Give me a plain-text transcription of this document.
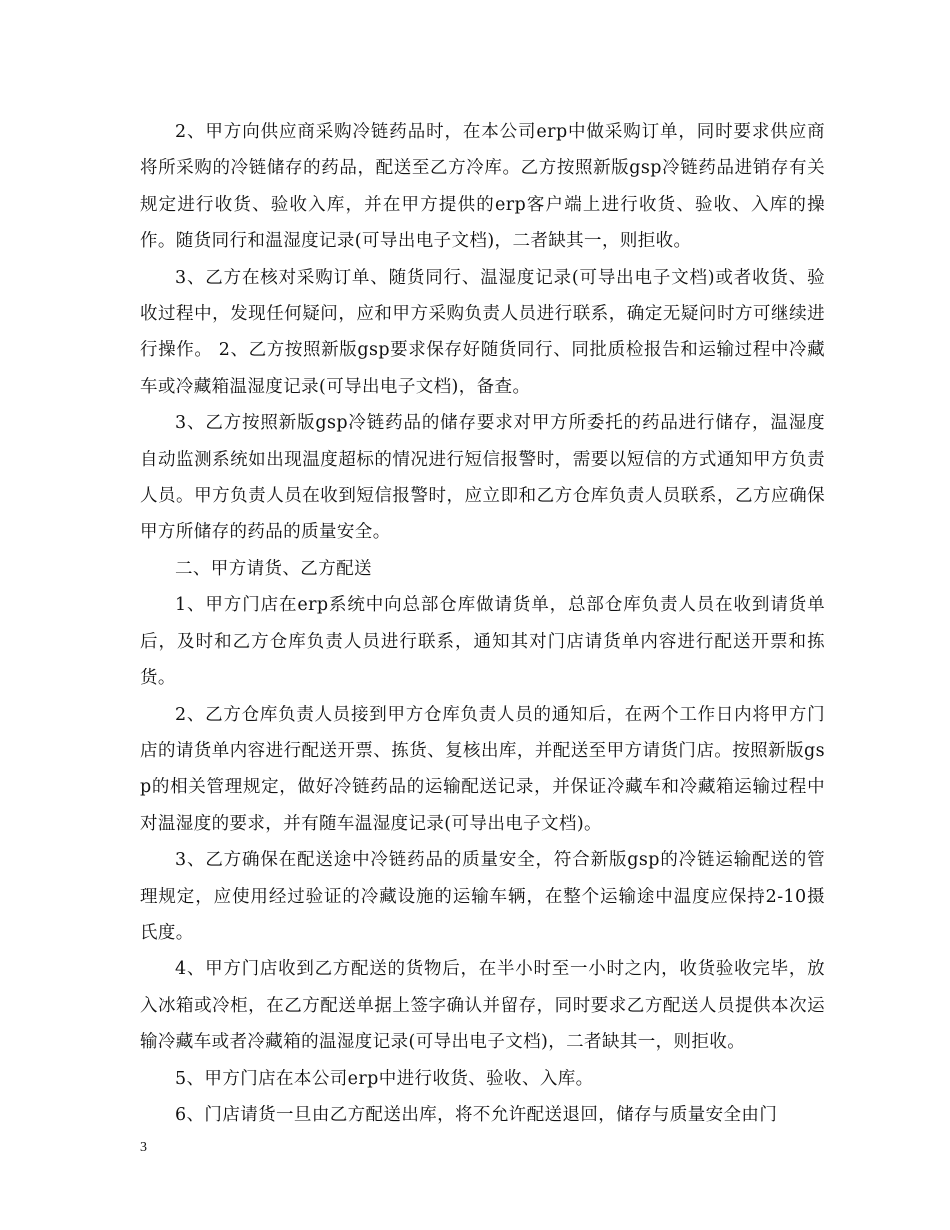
2、甲方向供应商采购冷链药品时，在本公司erp中做采购订单，同时要求供应商将所采购的冷链储存的药品，配送至乙方冷库。乙方按照新版gsp冷链药品进销存有关规定进行收货、验收入库，并在甲方提供的erp客户端上进行收货、验收、入库的操作。随货同行和温湿度记录(可导出电子文档)，二者缺其一，则拒收。

3、乙方在核对采购订单、随货同行、温湿度记录(可导出电子文档)或者收货、验收过程中，发现任何疑问，应和甲方采购负责人员进行联系，确定无疑问时方可继续进行操作。 2、乙方按照新版gsp要求保存好随货同行、同批质检报告和运输过程中冷藏车或冷藏箱温湿度记录(可导出电子文档)，备查。

3、乙方按照新版gsp冷链药品的储存要求对甲方所委托的药品进行储存，温湿度自动监测系统如出现温度超标的情况进行短信报警时，需要以短信的方式通知甲方负责人员。甲方负责人员在收到短信报警时，应立即和乙方仓库负责人员联系，乙方应确保甲方所储存的药品的质量安全。

二、甲方请货、乙方配送

1、甲方门店在erp系统中向总部仓库做请货单，总部仓库负责人员在收到请货单后，及时和乙方仓库负责人员进行联系，通知其对门店请货单内容进行配送开票和拣货。

2、乙方仓库负责人员接到甲方仓库负责人员的通知后，在两个工作日内将甲方门店的请货单内容进行配送开票、拣货、复核出库，并配送至甲方请货门店。按照新版gsp的相关管理规定，做好冷链药品的运输配送记录，并保证冷藏车和冷藏箱运输过程中对温湿度的要求，并有随车温湿度记录(可导出电子文档)。

3、乙方确保在配送途中冷链药品的质量安全，符合新版gsp的冷链运输配送的管理规定，应使用经过验证的冷藏设施的运输车辆，在整个运输途中温度应保持2-10摄氏度。

4、甲方门店收到乙方配送的货物后，在半小时至一小时之内，收货验收完毕，放入冰箱或冷柜，在乙方配送单据上签字确认并留存，同时要求乙方配送人员提供本次运输冷藏车或者冷藏箱的温湿度记录(可导出电子文档)，二者缺其一，则拒收。

5、甲方门店在本公司erp中进行收货、验收、入库。

6、门店请货一旦由乙方配送出库，将不允许配送退回，储存与质量安全由门

3
